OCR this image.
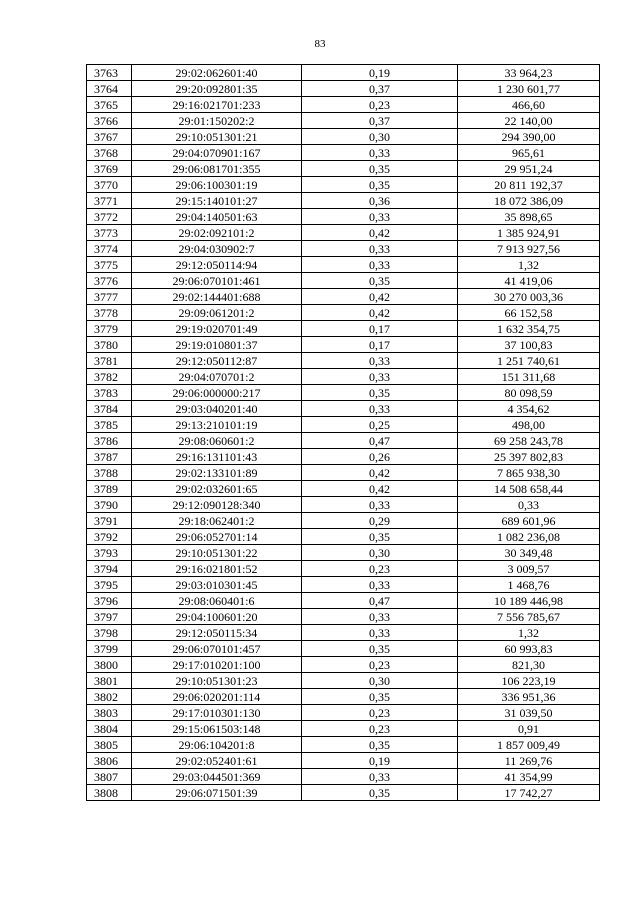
83
3763	29:02:062601:40	0,19	33 964,23
3764	29:20:092801:35	0,37	1 230 601,77
3765	29:16:021701:233	0,23	466,60
3766	29:01:150202:2	0,37	22 140,00
3767	29:10:051301:21	0,30	294 390,00
3768	29:04:070901:167	0,33	965,61
3769	29:06:081701:355	0,35	29 951,24
3770	29:06:100301:19	0,35	20 811 192,37
3771	29:15:140101:27	0,36	18 072 386,09
3772	29:04:140501:63	0,33	35 898,65
3773	29:02:092101:2	0,42	1 385 924,91
3774	29:04:030902:7	0,33	7 913 927,56
3775	29:12:050114:94	0,33	1,32
3776	29:06:070101:461	0,35	41 419,06
3777	29:02:144401:688	0,42	30 270 003,36
3778	29:09:061201:2	0,42	66 152,58
3779	29:19:020701:49	0,17	1 632 354,75
3780	29:19:010801:37	0,17	37 100,83
3781	29:12:050112:87	0,33	1 251 740,61
3782	29:04:070701:2	0,33	151 311,68
3783	29:06:000000:217	0,35	80 098,59
3784	29:03:040201:40	0,33	4 354,62
3785	29:13:210101:19	0,25	498,00
3786	29:08:060601:2	0,47	69 258 243,78
3787	29:16:131101:43	0,26	25 397 802,83
3788	29:02:133101:89	0,42	7 865 938,30
3789	29:02:032601:65	0,42	14 508 658,44
3790	29:12:090128:340	0,33	0,33
3791	29:18:062401:2	0,29	689 601,96
3792	29:06:052701:14	0,35	1 082 236,08
3793	29:10:051301:22	0,30	30 349,48
3794	29:16:021801:52	0,23	3 009,57
3795	29:03:010301:45	0,33	1 468,76
3796	29:08:060401:6	0,47	10 189 446,98
3797	29:04:100601:20	0,33	7 556 785,67
3798	29:12:050115:34	0,33	1,32
3799	29:06:070101:457	0,35	60 993,83
3800	29:17:010201:100	0,23	821,30
3801	29:10:051301:23	0,30	106 223,19
3802	29:06:020201:114	0,35	336 951,36
3803	29:17:010301:130	0,23	31 039,50
3804	29:15:061503:148	0,23	0,91
3805	29:06:104201:8	0,35	1 857 009,49
3806	29:02:052401:61	0,19	11 269,76
3807	29:03:044501:369	0,33	41 354,99
3808	29:06:071501:39	0,35	17 742,27
